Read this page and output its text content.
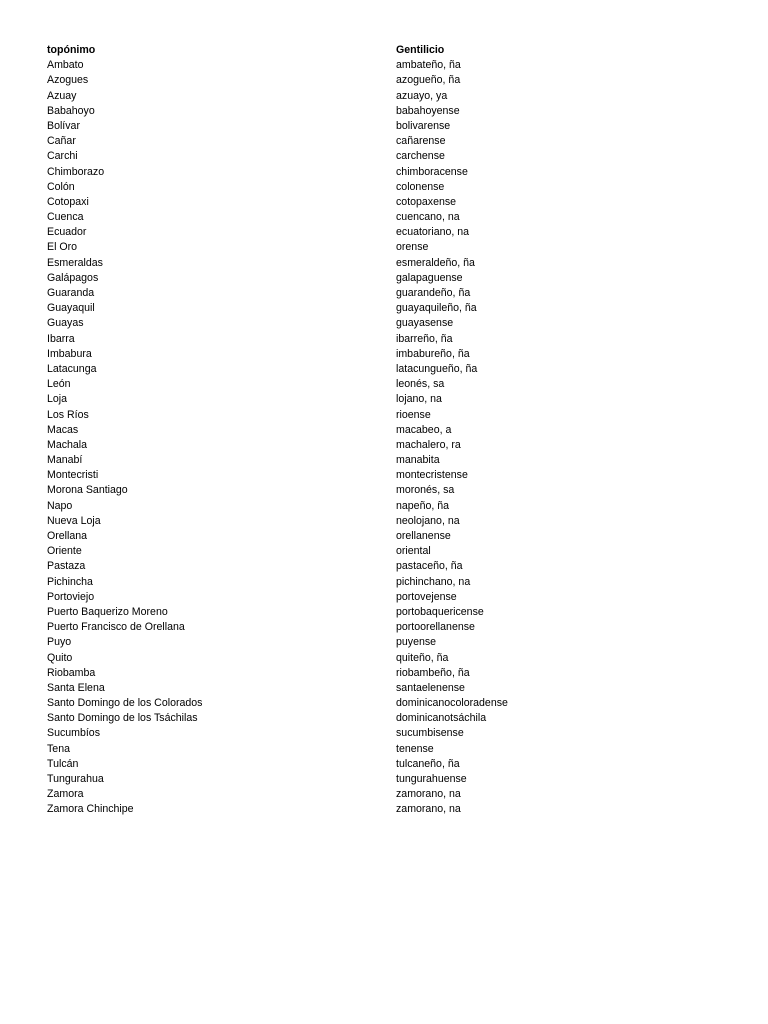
topónimo	Gentilicio
Ambato	ambateño, ña
Azogues	azogueño, ña
Azuay	azuayo, ya
Babahoyo	babahoyense
Bolívar	bolivarense
Cañar	cañarense
Carchi	carchense
Chimborazo	chimboracense
Colón	colonense
Cotopaxi	cotopaxense
Cuenca	cuencano, na
Ecuador	ecuatoriano, na
El Oro	orense
Esmeraldas	esmeraldeño, ña
Galápagos	galapaguense
Guaranda	guarandeño, ña
Guayaquil	guayaquileño, ña
Guayas	guayasense
Ibarra	ibarreño, ña
Imbabura	imbabureño, ña
Latacunga	latacungueño, ña
León	leonés, sa
Loja	lojano, na
Los Ríos	rioense
Macas	macabeo, a
Machala	machalero, ra
Manabí	manabita
Montecristi	montecristense
Morona Santiago	moronés, sa
Napo	napeño, ña
Nueva Loja	neolojano, na
Orellana	orellanense
Oriente	oriental
Pastaza	pastaceño, ña
Pichincha	pichinchano, na
Portoviejo	portovejense
Puerto Baquerizo Moreno	portobaquericense
Puerto Francisco de Orellana	portoorellanense
Puyo	puyense
Quito	quiteño, ña
Riobamba	riobambeño, ña
Santa Elena	santaelenense
Santo Domingo de los Colorados	dominicanocoloradense
Santo Domingo de los Tsáchilas	dominicanotsáchila
Sucumbíos	sucumbisense
Tena	tenense
Tulcán	tulcaneño, ña
Tungurahua	tungurahuense
Zamora	zamorano, na
Zamora Chinchipe	zamorano, na
